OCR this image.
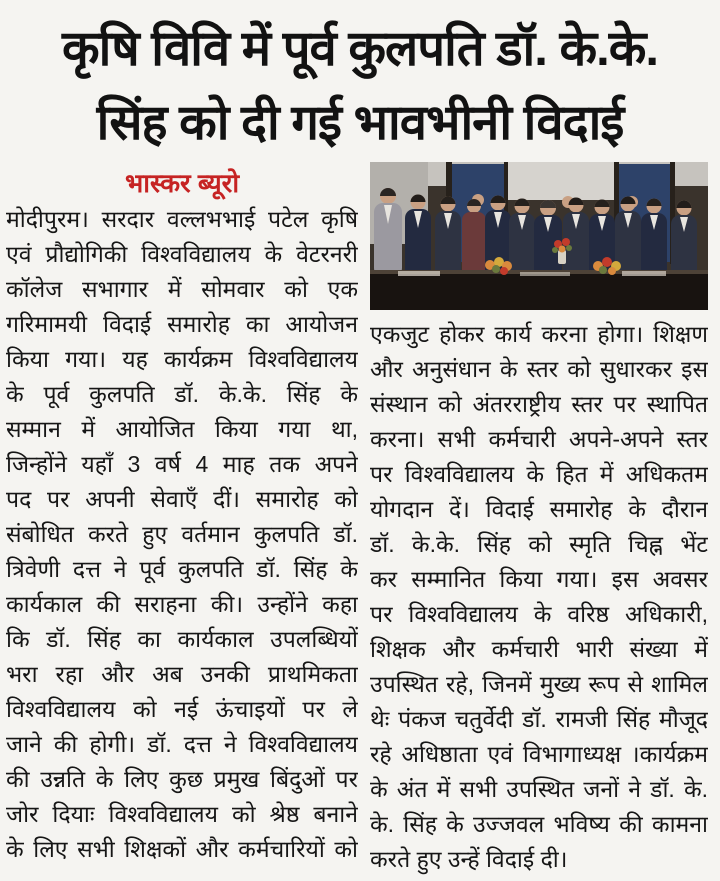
कृषि विवि में पूर्व कुलपति डॉ. के.के.
सिंह को दी गई भावभीनी विदाई
भास्कर ब्यूरो
मोदीपुरम। सरदार वल्लभभाई पटेल कृषि
एवं प्रौद्योगिकी विश्वविद्यालय के वेटरनरी
कॉलेज सभागार में सोमवार को एक
गरिमामयी विदाई समारोह का आयोजन
किया गया। यह कार्यक्रम विश्वविद्यालय
के पूर्व कुलपति डॉ. के.के. सिंह के
सम्मान में आयोजित किया गया था,
जिन्होंने यहाँ 3 वर्ष 4 माह तक अपने
पद पर अपनी सेवाएँ दीं। समारोह को
संबोधित करते हुए वर्तमान कुलपति डॉ.
त्रिवेणी दत्त ने पूर्व कुलपति डॉ. सिंह के
कार्यकाल की सराहना की। उन्होंने कहा
कि डॉ. सिंह का कार्यकाल उपलब्धियों
भरा रहा और अब उनकी प्राथमिकता
विश्वविद्यालय को नई ऊंचाइयों पर ले
जाने की होगी। डॉ. दत्त ने विश्वविद्यालय
की उन्नति के लिए कुछ प्रमुख बिंदुओं पर
जोर दियाः विश्वविद्यालय को श्रेष्ठ बनाने
के लिए सभी शिक्षकों और कर्मचारियों को
एकजुट होकर कार्य करना होगा। शिक्षण
और अनुसंधान के स्तर को सुधारकर इस
संस्थान को अंतरराष्ट्रीय स्तर पर स्थापित
करना। सभी कर्मचारी अपने-अपने स्तर
पर विश्वविद्यालय के हित में अधिकतम
योगदान दें। विदाई समारोह के दौरान
डॉ. के.के. सिंह को स्मृति चिह्न भेंट
कर सम्मानित किया गया। इस अवसर
पर विश्वविद्यालय के वरिष्ठ अधिकारी,
शिक्षक और कर्मचारी भारी संख्या में
उपस्थित रहे, जिनमें मुख्य रूप से शामिल
थेः पंकज चतुर्वेदी डॉ. रामजी सिंह मौजूद
रहे अधिष्ठाता एवं विभागाध्यक्ष ।कार्यक्रम
के अंत में सभी उपस्थित जनों ने डॉ. के.
के. सिंह के उज्जवल भविष्य की कामना
करते हुए उन्हें विदाई दी।
